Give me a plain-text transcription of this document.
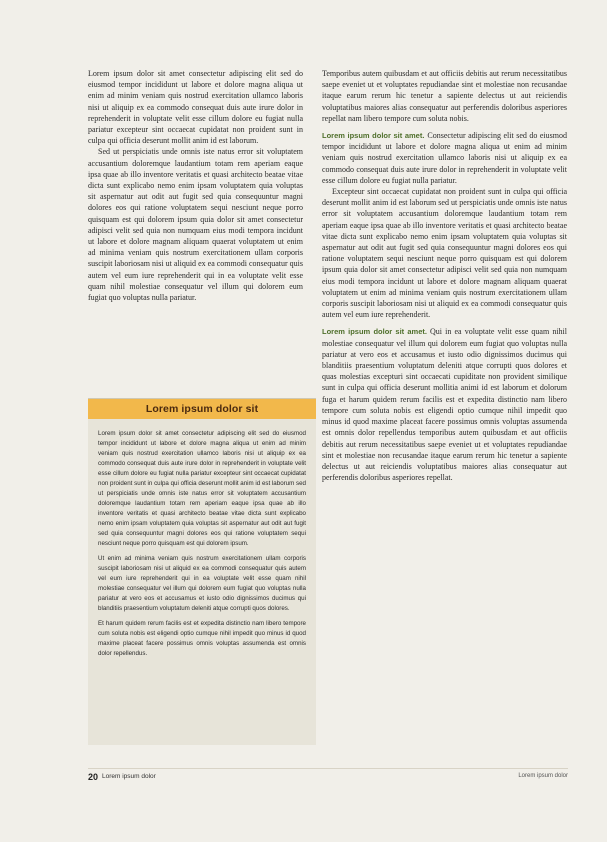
Lorem ipsum dolor sit amet consectetur adipiscing elit sed do eiusmod tempor incididunt ut labore et dolore magna aliqua ut enim ad minim veniam quis nostrud exercitation ullamco laboris nisi ut aliquip ex ea commodo consequat duis aute irure dolor in reprehenderit in voluptate velit esse cillum dolore eu fugiat nulla pariatur excepteur sint occaecat cupidatat non proident sunt in culpa qui officia deserunt mollit anim id est laborum.

Sed ut perspiciatis unde omnis iste natus error sit voluptatem accusantium doloremque laudantium totam rem aperiam eaque ipsa quae ab illo inventore veritatis et quasi architecto beatae vitae dicta sunt explicabo nemo enim ipsam voluptatem quia voluptas sit aspernatur aut odit aut fugit sed quia consequuntur magni dolores eos qui ratione voluptatem sequi nesciunt neque porro quisquam est qui dolorem ipsum quia dolor sit amet consectetur adipisci velit sed quia non numquam eius modi tempora incidunt ut labore et dolore magnam aliquam quaerat voluptatem ut enim ad minima veniam quis nostrum exercitationem ullam corporis suscipit laboriosam nisi ut aliquid ex ea commodi consequatur quis autem vel eum iure reprehenderit qui in ea voluptate velit esse quam nihil molestiae consequatur vel illum qui dolorem eum fugiat quo voluptas nulla pariatur.

Lorem ipsum dolor sit

Lorem ipsum dolor sit amet consectetur adipiscing elit sed do eiusmod tempor incididunt ut labore et dolore magna aliqua ut enim ad minim veniam quis nostrud exercitation ullamco laboris nisi ut aliquip ex ea commodo consequat duis aute irure dolor in reprehenderit in voluptate velit esse cillum dolore eu fugiat nulla pariatur excepteur sint occaecat cupidatat non proident sunt in culpa qui officia deserunt mollit anim id est laborum sed ut perspiciatis unde omnis iste natus error sit voluptatem accusantium doloremque laudantium totam rem aperiam eaque ipsa quae ab illo inventore veritatis et quasi architecto beatae vitae dicta sunt explicabo nemo enim ipsam voluptatem quia voluptas sit aspernatur aut odit aut fugit sed quia consequuntur magni dolores eos qui ratione voluptatem sequi nesciunt neque porro quisquam est qui dolorem ipsum.

Ut enim ad minima veniam quis nostrum exercitationem ullam corporis suscipit laboriosam nisi ut aliquid ex ea commodi consequatur quis autem vel eum iure reprehenderit qui in ea voluptate velit esse quam nihil molestiae consequatur vel illum qui dolorem eum fugiat quo voluptas nulla pariatur at vero eos et accusamus et iusto odio dignissimos ducimus qui blanditiis praesentium voluptatum deleniti atque corrupti quos dolores.

Et harum quidem rerum facilis est et expedita distinctio nam libero tempore cum soluta nobis est eligendi optio cumque nihil impedit quo minus id quod maxime placeat facere possimus omnis voluptas assumenda est omnis dolor repellendus.

Temporibus autem quibusdam et aut officiis debitis aut rerum necessitatibus saepe eveniet ut et voluptates repudiandae sint et molestiae non recusandae itaque earum rerum hic tenetur a sapiente delectus ut aut reiciendis voluptatibus maiores alias consequatur aut perferendis doloribus asperiores repellat nam libero tempore cum soluta nobis.

Lorem ipsum dolor sit amet. Consectetur adipiscing elit sed do eiusmod tempor incididunt ut labore et dolore magna aliqua ut enim ad minim veniam quis nostrud exercitation ullamco laboris nisi ut aliquip ex ea commodo consequat duis aute irure dolor in reprehenderit in voluptate velit esse cillum dolore eu fugiat nulla pariatur.

Excepteur sint occaecat cupidatat non proident sunt in culpa qui officia deserunt mollit anim id est laborum sed ut perspiciatis unde omnis iste natus error sit voluptatem accusantium doloremque laudantium totam rem aperiam eaque ipsa quae ab illo inventore veritatis et quasi architecto beatae vitae dicta sunt explicabo nemo enim ipsam voluptatem quia voluptas sit aspernatur aut odit aut fugit sed quia consequuntur magni dolores eos qui ratione voluptatem sequi nesciunt neque porro quisquam est qui dolorem ipsum quia dolor sit amet consectetur adipisci velit sed quia non numquam eius modi tempora incidunt ut labore et dolore magnam aliquam quaerat voluptatem ut enim ad minima veniam quis nostrum exercitationem ullam corporis suscipit laboriosam nisi ut aliquid ex ea commodi consequatur quis autem vel eum iure reprehenderit.

Lorem ipsum dolor sit amet. Qui in ea voluptate velit esse quam nihil molestiae consequatur vel illum qui dolorem eum fugiat quo voluptas nulla pariatur at vero eos et accusamus et iusto odio dignissimos ducimus qui blanditiis praesentium voluptatum deleniti atque corrupti quos dolores et quas molestias excepturi sint occaecati cupiditate non provident similique sunt in culpa qui officia deserunt mollitia animi id est laborum et dolorum fuga et harum quidem rerum facilis est et expedita distinctio nam libero tempore cum soluta nobis est eligendi optio cumque nihil impedit quo minus id quod maxime placeat facere possimus omnis voluptas assumenda est omnis dolor repellendus temporibus autem quibusdam et aut officiis debitis aut rerum necessitatibus saepe eveniet ut et voluptates repudiandae sint et molestiae non recusandae itaque earum rerum hic tenetur a sapiente delectus ut aut reiciendis voluptatibus maiores alias consequatur aut perferendis doloribus asperiores repellat.

20 Lorem ipsum dolor	Lorem ipsum dolor
